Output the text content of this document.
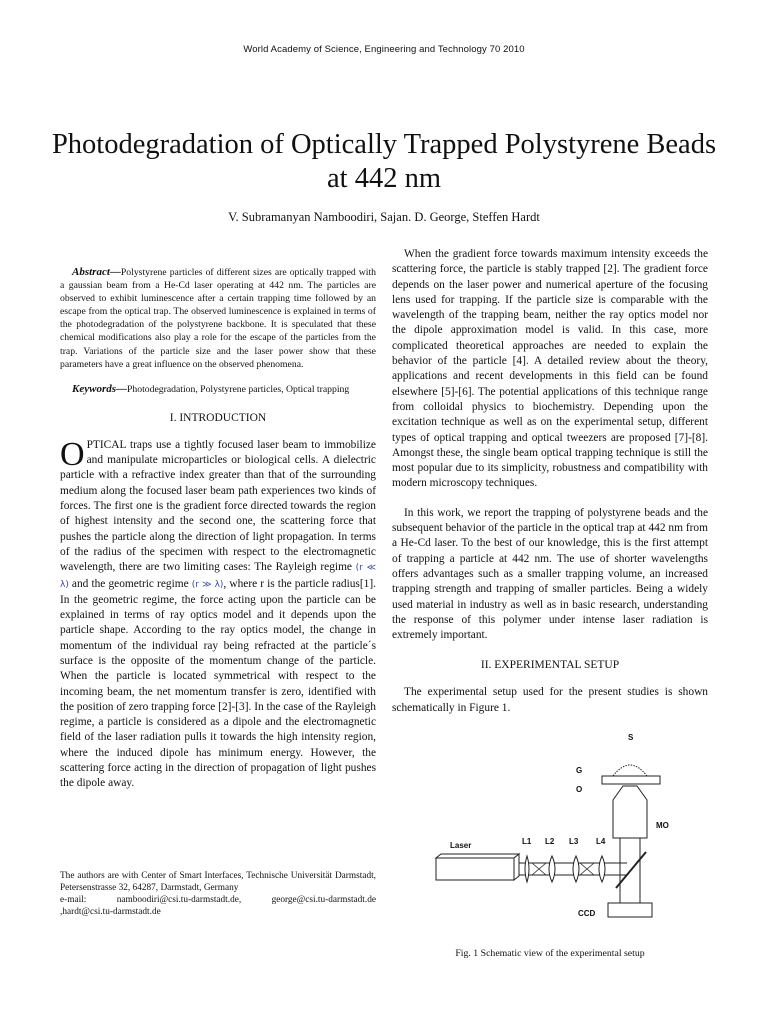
World Academy of Science, Engineering and Technology 70 2010
Photodegradation of Optically Trapped Polystyrene Beads at 442 nm
V. Subramanyan Namboodiri, Sajan. D. George, Steffen Hardt

Abstract—Polystyrene particles of different sizes are optically trapped with a gaussian beam from a He-Cd laser operating at 442 nm. The particles are observed to exhibit luminescence after a certain trapping time followed by an escape from the optical trap. The observed luminescence is explained in terms of the photodegradation of the polystyrene backbone. It is speculated that these chemical modifications also play a role for the escape of the particles from the trap. Variations of the particle size and the laser power show that these parameters have a great influence on the observed phenomena.

Keywords—Photodegradation, Polystyrene particles, Optical trapping

I. INTRODUCTION

OPTICAL traps use a tightly focused laser beam to immobilize and manipulate microparticles or biological cells. A dielectric particle with a refractive index greater than that of the surrounding medium along the focused laser beam path experiences two kinds of forces. The first one is the gradient force directed towards the region of highest intensity and the second one, the scattering force that pushes the particle along the direction of light propagation. In terms of the radius of the specimen with respect to the electromagnetic wavelength, there are two limiting cases: The Rayleigh regime (r ≪ λ) and the geometric regime (r ≫ λ), where r is the particle radius[1]. In the geometric regime, the force acting upon the particle can be explained in terms of ray optics model and it depends upon the particle shape. According to the ray optics model, the change in momentum of the individual ray being refracted at the particle´s surface is the opposite of the momentum change of the particle. When the particle is located symmetrical with respect to the incoming beam, the net momentum transfer is zero, identified with the position of zero trapping force [2]-[3]. In the case of the Rayleigh regime, a particle is considered as a dipole and the electromagnetic field of the laser radiation pulls it towards the high intensity region, where the induced dipole has minimum energy. However, the scattering force acting in the direction of propagation of light pushes the dipole away.

The authors are with Center of Smart Interfaces, Technische Universität Darmstadt, Petersenstrasse 32, 64287, Darmstadt, Germany
e-mail:	namboodiri@csi.tu-darmstadt.de,	george@csi.tu-darmstadt.de
,hardt@csi.tu-darmstadt.de

When the gradient force towards maximum intensity exceeds the scattering force, the particle is stably trapped [2]. The gradient force depends on the laser power and numerical aperture of the focusing lens used for trapping. If the particle size is comparable with the wavelength of the trapping beam, neither the ray optics model nor the dipole approximation model is valid. In this case, more complicated theoretical approaches are needed to explain the behavior of the particle [4]. A detailed review about the theory, applications and recent developments in this field can be found elsewhere [5]-[6]. The potential applications of this technique range from colloidal physics to biochemistry. Depending upon the excitation technique as well as on the experimental setup, different types of optical trapping and optical tweezers are proposed [7]-[8]. Amongst these, the single beam optical trapping technique is still the most popular due to its simplicity, robustness and compatibility with modern microscopy techniques.

In this work, we report the trapping of polystyrene beads and the subsequent behavior of the particle in the optical trap at 442 nm from a He-Cd laser. To the best of our knowledge, this is the first attempt of trapping a particle at 442 nm. The use of shorter wavelengths offers advantages such as a smaller trapping volume, an increased trapping strength and trapping of smaller particles. Being a widely used material in industry as well as in basic research, understanding the response of this polymer under intense laser radiation is extremely important.

II. EXPERIMENTAL SETUP

The experimental setup used for the present studies is shown schematically in Figure 1.

S
G
O
MO
Laser	L1 L2 L3 L4
CCD
Fig. 1 Schematic view of the experimental setup
